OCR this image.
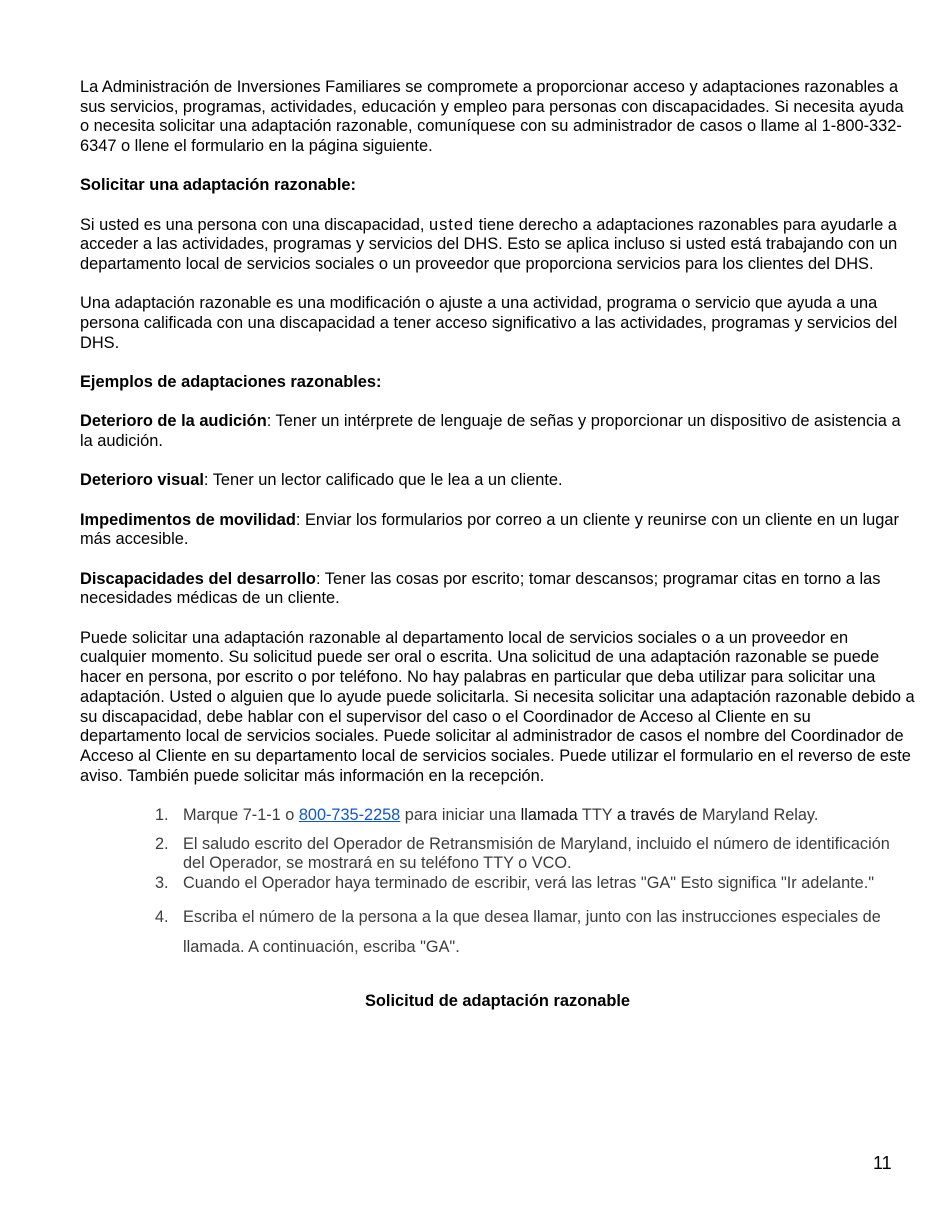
La Administración de Inversiones Familiares se compromete a proporcionar acceso y adaptaciones razonables a sus servicios, programas, actividades, educación y empleo para personas con discapacidades. Si necesita ayuda o necesita solicitar una adaptación razonable, comuníquese con su administrador de casos o llame al 1-800-332-6347 o llene el formulario en la página siguiente.

Solicitar una adaptación razonable:

Si usted es una persona con una discapacidad, usted tiene derecho a adaptaciones razonables para ayudarle a acceder a las actividades, programas y servicios del DHS. Esto se aplica incluso si usted está trabajando con un departamento local de servicios sociales o un proveedor que proporciona servicios para los clientes del DHS.

Una adaptación razonable es una modificación o ajuste a una actividad, programa o servicio que ayuda a una persona calificada con una discapacidad a tener acceso significativo a las actividades, programas y servicios del DHS.

Ejemplos de adaptaciones razonables:

Deterioro de la audición: Tener un intérprete de lenguaje de señas y proporcionar un dispositivo de asistencia a la audición.

Deterioro visual: Tener un lector calificado que le lea a un cliente.

Impedimentos de movilidad: Enviar los formularios por correo a un cliente y reunirse con un cliente en un lugar más accesible.

Discapacidades del desarrollo: Tener las cosas por escrito; tomar descansos; programar citas en torno a las necesidades médicas de un cliente.

Puede solicitar una adaptación razonable al departamento local de servicios sociales o a un proveedor en cualquier momento. Su solicitud puede ser oral o escrita. Una solicitud de una adaptación razonable se puede hacer en persona, por escrito o por teléfono. No hay palabras en particular que deba utilizar para solicitar una adaptación. Usted o alguien que lo ayude puede solicitarla. Si necesita solicitar una adaptación razonable debido a su discapacidad, debe hablar con el supervisor del caso o el Coordinador de Acceso al Cliente en su departamento local de servicios sociales. Puede solicitar al administrador de casos el nombre del Coordinador de Acceso al Cliente en su departamento local de servicios sociales. Puede utilizar el formulario en el reverso de este aviso. También puede solicitar más información en la recepción.

1. Marque 7-1-1 o 800-735-2258 para iniciar una llamada TTY a través de Maryland Relay.
2. El saludo escrito del Operador de Retransmisión de Maryland, incluido el número de identificación del Operador, se mostrará en su teléfono TTY o VCO.
3. Cuando el Operador haya terminado de escribir, verá las letras "GA" Esto significa "Ir adelante."
4. Escriba el número de la persona a la que desea llamar, junto con las instrucciones especiales de llamada. A continuación, escriba "GA".
Solicitud de adaptación razonable
11
